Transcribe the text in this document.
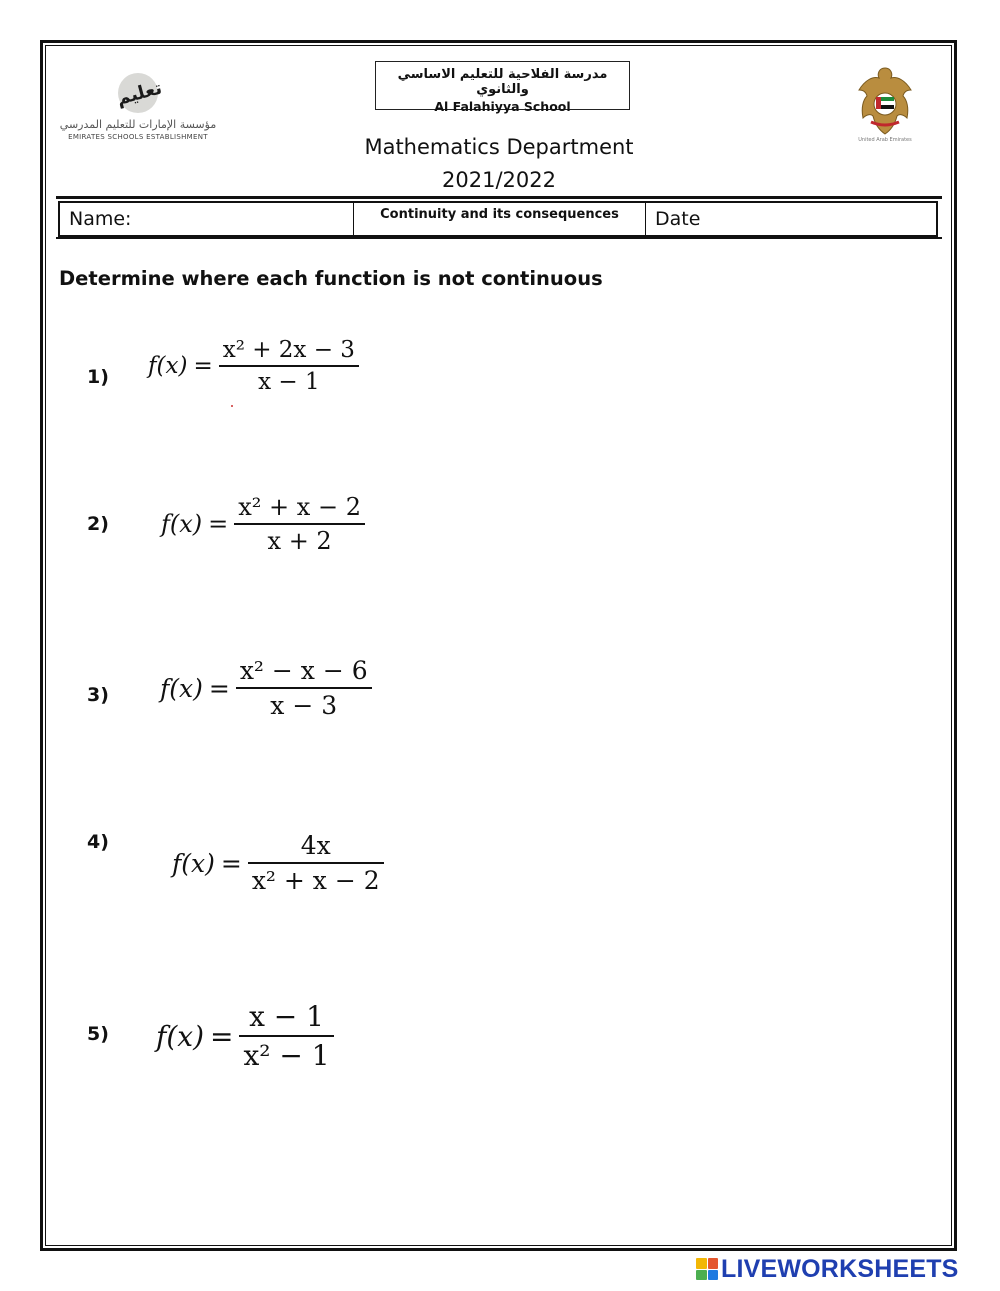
تعليم
مؤسسة الإمارات للتعليم المدرسي
EMIRATES SCHOOLS ESTABLISHMENT
مدرسة الفلاحية للتعليم الاساسي والثانوي
Al Falahiyya School
Mathematics Department
2021/2022
United Arab Emirates
Name:	Continuity and its consequences	Date
Determine where each function is not continuous
1) $f(x) = \frac{\text{x² + 2x − 3}}{x - 1}$
2) $f(x) = \frac{\text{x² + x − 2}}{x + 2}$
3) $f(x) = \frac{\text{x² − x − 6}}{x - 3}$
4)
$f(x) = \frac{4x}{\text{x² + x − 2}}$
5) $f(x) = \frac{x - 1}{\text{x² − 1}}$
LIVEWORKSHEETS
